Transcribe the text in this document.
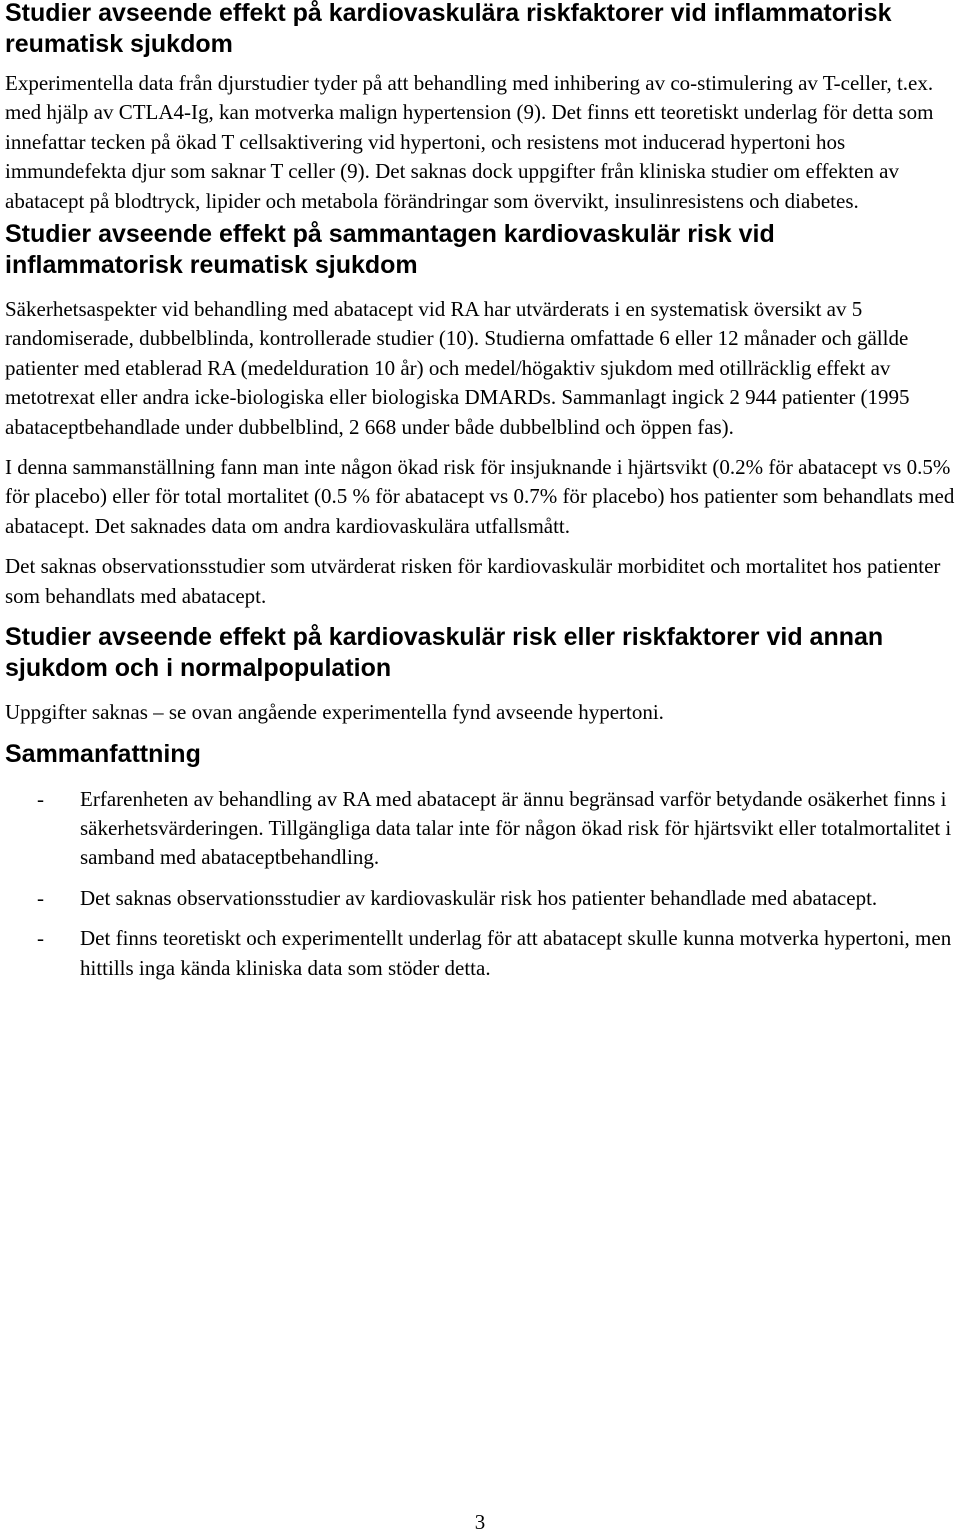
Studier avseende effekt på kardiovaskulära riskfaktorer vid inflammatorisk reumatisk sjukdom

Experimentella data från djurstudier tyder på att behandling med inhibering av co-stimulering av T-celler, t.ex. med hjälp av CTLA4-Ig, kan motverka malign hypertension (9). Det finns ett teoretiskt underlag för detta som innefattar tecken på ökad T cellsaktivering vid hypertoni, och resistens mot inducerad hypertoni hos immundefekta djur som saknar T celler (9). Det saknas dock uppgifter från kliniska studier om effekten av abatacept på blodtryck, lipider och metabola förändringar som övervikt, insulinresistens och diabetes.

Studier avseende effekt på sammantagen kardiovaskulär risk vid inflammatorisk reumatisk sjukdom

Säkerhetsaspekter vid behandling med abatacept vid RA har utvärderats i en systematisk översikt av 5 randomiserade, dubbelblinda, kontrollerade studier (10). Studierna omfattade 6 eller 12 månader och gällde patienter med etablerad RA (medelduration 10 år) och medel/högaktiv sjukdom med otillräcklig effekt av metotrexat eller andra icke-biologiska eller biologiska DMARDs. Sammanlagt ingick 2 944 patienter (1995 abataceptbehandlade under dubbelblind, 2 668 under både dubbelblind och öppen fas).

I denna sammanställning fann man inte någon ökad risk för insjuknande i hjärtsvikt (0.2% för abatacept vs 0.5% för placebo) eller för total mortalitet (0.5 % för abatacept vs 0.7% för placebo) hos patienter som behandlats med abatacept. Det saknades data om andra kardiovaskulära utfallsmått.

Det saknas observationsstudier som utvärderat risken för kardiovaskulär morbiditet och mortalitet hos patienter som behandlats med abatacept.

Studier avseende effekt på kardiovaskulär risk eller riskfaktorer vid annan sjukdom och i normalpopulation

Uppgifter saknas – se ovan angående experimentella fynd avseende hypertoni.

Sammanfattning
- Erfarenheten av behandling av RA med abatacept är ännu begränsad varför betydande osäkerhet finns i säkerhetsvärderingen. Tillgängliga data talar inte för någon ökad risk för hjärtsvikt eller totalmortalitet i samband med abataceptbehandling.
- Det saknas observationsstudier av kardiovaskulär risk hos patienter behandlade med abatacept.
- Det finns teoretiskt och experimentellt underlag för att abatacept skulle kunna motverka hypertoni, men hittills inga kända kliniska data som stöder detta.
3
